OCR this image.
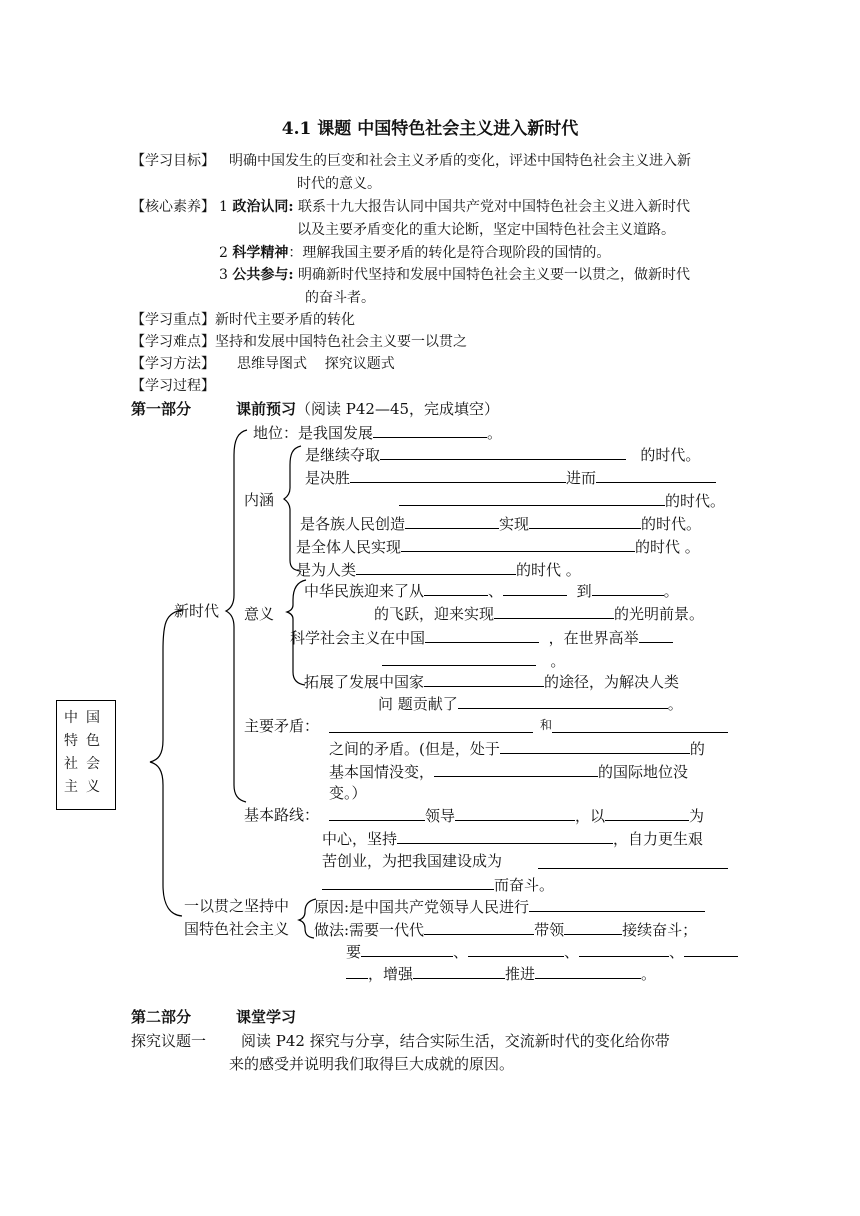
4.1 课题 中国特色社会主义进入新时代
【学习目标】 明确中国发生的巨变和社会主义矛盾的变化，评述中国特色社会主义进入新
时代的意义。
【核心素养】 1 政治认同: 联系十九大报告认同中国共产党对中国特色社会主义进入新时代
以及主要矛盾变化的重大论断，坚定中国特色社会主义道路。
2 科学精神：理解我国主要矛盾的转化是符合现阶段的国情的。
3 公共参与: 明确新时代坚持和发展中国特色社会主义要一以贯之，做新时代
的奋斗者。
【学习重点】新时代主要矛盾的转化
【学习难点】坚持和发展中国特色社会主义要一以贯之
【学习方法】 思维导图式    探究议题式
【学习过程】
第一部分	课前预习（阅读 P42—45，完成填空）
中国特色社会主义
新时代
地位：是我国发展	。
内涵
是继续夺取	的时代。
是决胜	进而
的时代。
是各族人民创造	实现	的时代。
是全体人民实现	的时代 。
是为人类	的时代 。
意义
中华民族迎来了从	、	到	。
的飞跃，迎来实现	的光明前景。
科学社会主义在中国	，在世界高举
。
拓展了发展中国家	的途径，为解决人类
问 题贡献了	。
主要矛盾：	和
之间的矛盾。(但是，处于	的
基本国情没变，	的国际地位没
变。）
基本路线：	领导	，以	为
中心，坚持	，自力更生艰
苦创业，为把我国建设成为
而奋斗。
一以贯之坚持中
国特色社会主义
原因:是中国共产党领导人民进行
做法:需要一代代	带领	接续奋斗；
要	、	、	、
，增强	推进	。
第二部分	课堂学习
探究议题一 阅读 P42 探究与分享，结合实际生活，交流新时代的变化给你带
来的感受并说明我们取得巨大成就的原因。
